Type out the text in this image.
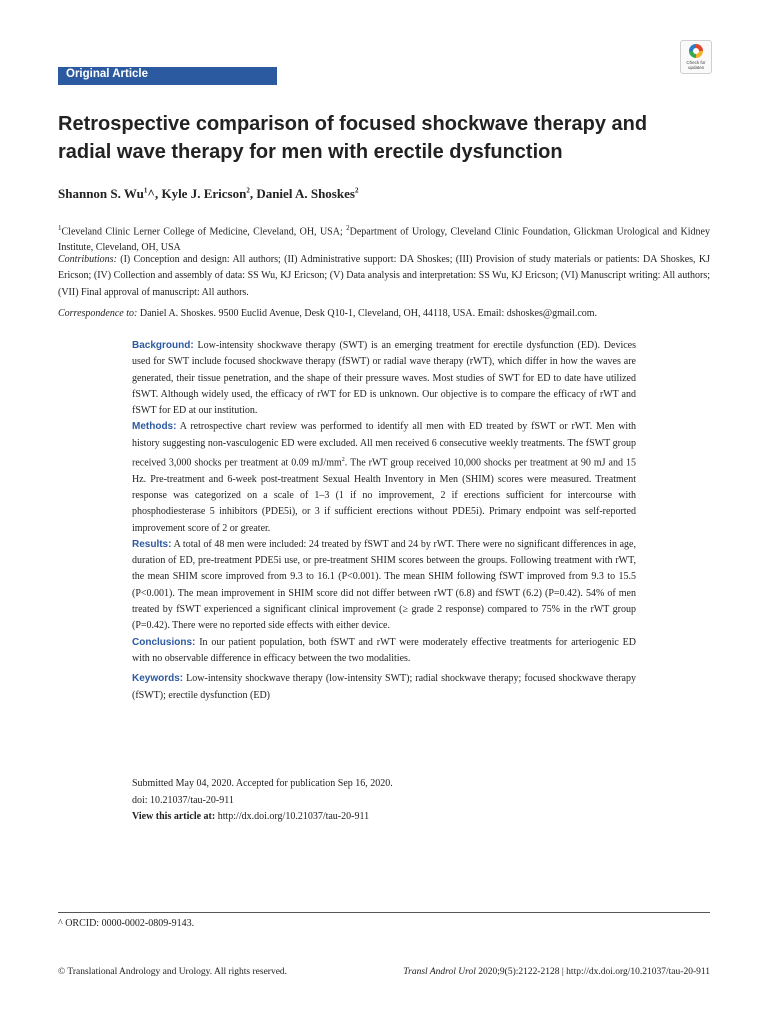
Original Article
Check for updates
Retrospective comparison of focused shockwave therapy and radial wave therapy for men with erectile dysfunction
Shannon S. Wu$^1$^, Kyle J. Ericson$^2$, Daniel A. Shoskes$^2$
$^1$Cleveland Clinic Lerner College of Medicine, Cleveland, OH, USA; $^2$Department of Urology, Cleveland Clinic Foundation, Glickman Urological and Kidney Institute, Cleveland, OH, USA
Contributions: (I) Conception and design: All authors; (II) Administrative support: DA Shoskes; (III) Provision of study materials or patients: DA Shoskes, KJ Ericson; (IV) Collection and assembly of data: SS Wu, KJ Ericson; (V) Data analysis and interpretation: SS Wu, KJ Ericson; (VI) Manuscript writing: All authors; (VII) Final approval of manuscript: All authors.
Correspondence to: Daniel A. Shoskes. 9500 Euclid Avenue, Desk Q10-1, Cleveland, OH, 44118, USA. Email: dshoskes@gmail.com.

Background: Low-intensity shockwave therapy (SWT) is an emerging treatment for erectile dysfunction (ED). Devices used for SWT include focused shockwave therapy (fSWT) or radial wave therapy (rWT), which differ in how the waves are generated, their tissue penetration, and the shape of their pressure waves. Most studies of SWT for ED to date have utilized fSWT. Although widely used, the efficacy of rWT for ED is unknown. Our objective is to compare the efficacy of rWT and fSWT for ED at our institution.

Methods: A retrospective chart review was performed to identify all men with ED treated by fSWT or rWT. Men with history suggesting non-vasculogenic ED were excluded. All men received 6 consecutive weekly treatments. The fSWT group received 3,000 shocks per treatment at 0.09 $mJ/mm^2$. The rWT group received 10,000 shocks per treatment at 90 mJ and 15 Hz. Pre-treatment and 6-week post-treatment Sexual Health Inventory in Men (SHIM) scores were measured. Treatment response was categorized on a scale of 1–3 (1 if no improvement, 2 if erections sufficient for intercourse with phosphodiesterase 5 inhibitors (PDE5i), or 3 if sufficient erections without PDE5i). Primary endpoint was self-reported improvement score of 2 or greater.

Results: A total of 48 men were included: 24 treated by fSWT and 24 by rWT. There were no significant differences in age, duration of ED, pre-treatment PDE5i use, or pre-treatment SHIM scores between the groups. Following treatment with rWT, the mean SHIM score improved from 9.3 to 16.1 (P<0.001). The mean SHIM following fSWT improved from 9.3 to 15.5 (P<0.001). The mean improvement in SHIM score did not differ between rWT (6.8) and fSWT (6.2) (P=0.42). 54% of men treated by fSWT experienced a significant clinical improvement (≥ grade 2 response) compared to 75% in the rWT group (P=0.42). There were no reported side effects with either device.

Conclusions: In our patient population, both fSWT and rWT were moderately effective treatments for arteriogenic ED with no observable difference in efficacy between the two modalities.

Keywords: Low-intensity shockwave therapy (low-intensity SWT); radial shockwave therapy; focused shockwave therapy (fSWT); erectile dysfunction (ED)

Submitted May 04, 2020. Accepted for publication Sep 16, 2020.
doi: 10.21037/tau-20-911
View this article at: http://dx.doi.org/10.21037/tau-20-911
^ ORCID: 0000-0002-0809-9143.
© Translational Andrology and Urology. All rights reserved.	Transl Androl Urol 2020;9(5):2122-2128 | http://dx.doi.org/10.21037/tau-20-911
